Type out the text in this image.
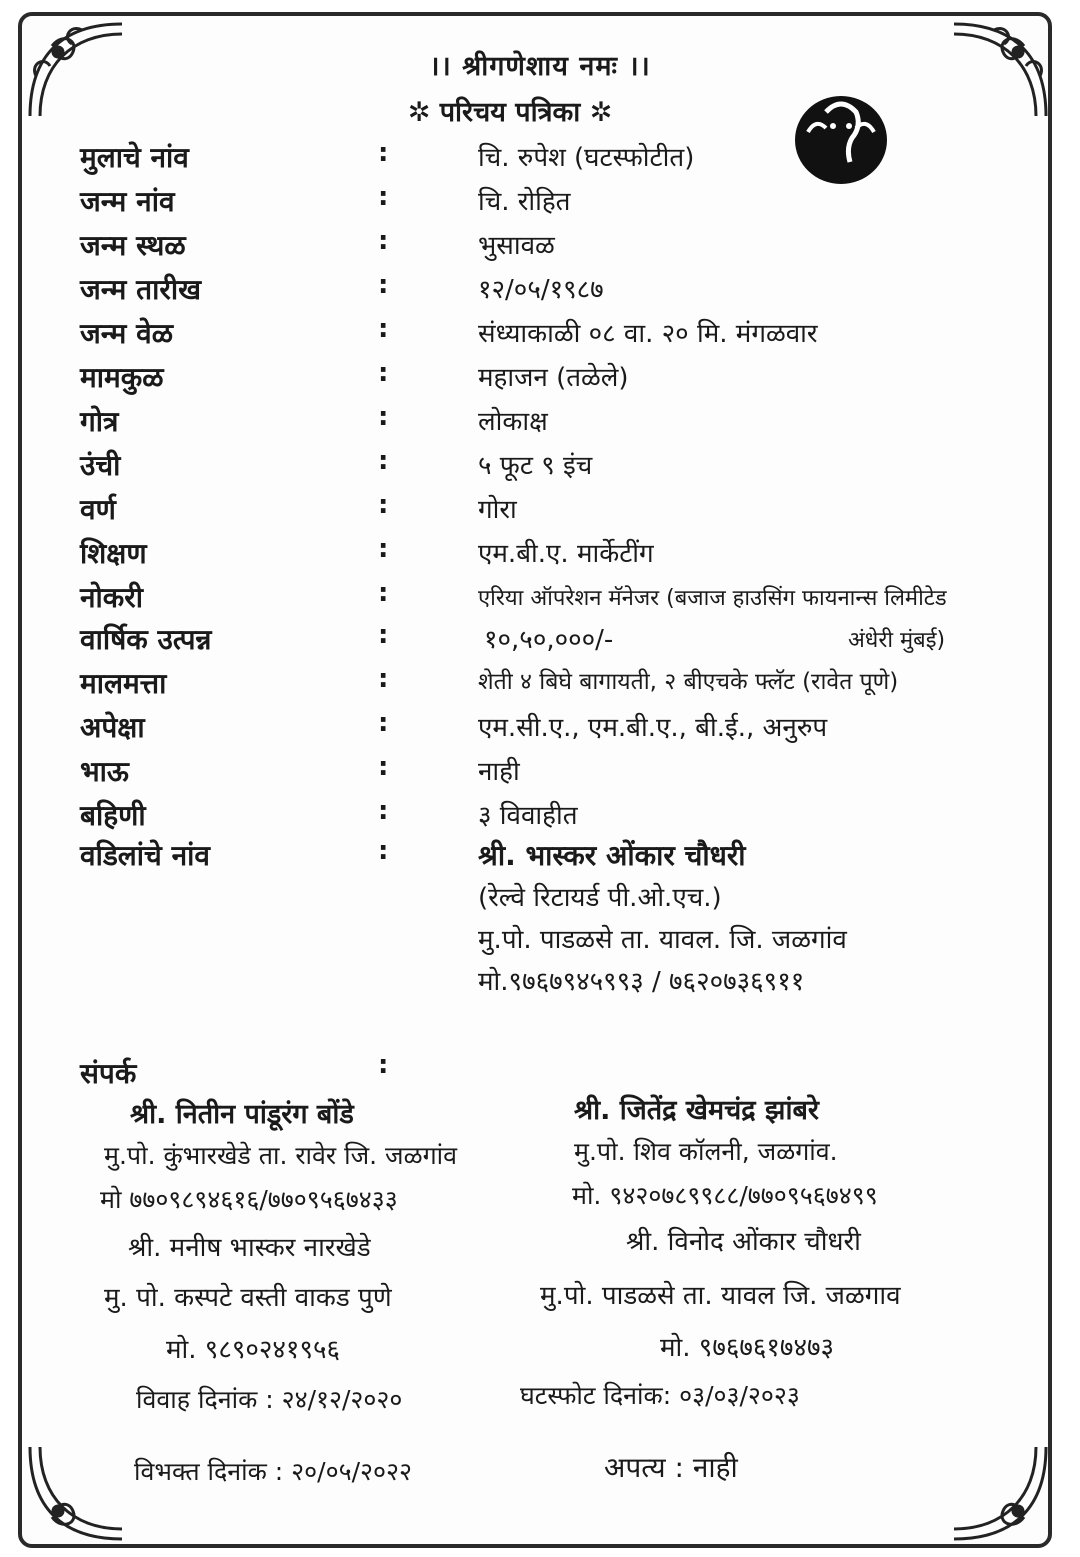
।। श्रीगणेशाय नमः ।।
✲ परिचय पत्रिका ✲
मुलाचे नांव	:	चि. रुपेश (घटस्फोटीत)
जन्म नांव	:	चि. रोहित
जन्म स्थळ	:	भुसावळ
जन्म तारीख	:	१२/०५/१९८७
जन्म वेळ	:	संध्याकाळी ०८ वा. २० मि. मंगळवार
मामकुळ	:	महाजन (तळेले)
गोत्र	:	लोकाक्ष
उंची	:	५ फूट ९ इंच
वर्ण	:	गोरा
शिक्षण	:	एम.बी.ए. मार्केटींग
नोकरी	:	एरिया ऑपरेशन मॅनेजर (बजाज हाउसिंग फायनान्स लिमीटेड
वार्षिक उत्पन्न	:	१०,५०,०००/-	अंधेरी मुंबई)
मालमत्ता	:	शेती ४ बिघे बागायती, २ बीएचके फ्लॅट (रावेत पूणे)
अपेक्षा	:	एम.सी.ए., एम.बी.ए., बी.ई., अनुरुप
भाऊ	:	नाही
बहिणी	:	३ विवाहीत
वडिलांचे नांव	:	श्री. भास्कर ओंकार चौधरी
(रेल्वे रिटायर्ड पी.ओ.एच.)
मु.पो. पाडळसे ता. यावल. जि. जळगांव
मो.९७६७९४५९९३ / ७६२०७३६९११
संपर्क	:
श्री. नितीन पांडूरंग बोंडे
मु.पो. कुंभारखेडे ता. रावेर जि. जळगांव
मो ७७०९८९४६१६/७७०९५६७४३३
श्री. मनीष भास्कर नारखेडे
मु. पो. कस्पटे वस्ती वाकड पुणे
मो. ९८९०२४१९५६
श्री. जितेंद्र खेमचंद्र झांबरे
मु.पो. शिव कॉलनी, जळगांव.
मो. ९४२०७८९९८८/७७०९५६७४९९
श्री. विनोद ओंकार चौधरी
मु.पो. पाडळसे ता. यावल जि. जळगाव
मो. ९७६७६१७४७३
विवाह दिनांक : २४/१२/२०२०	घटस्फोट दिनांक: ०३/०३/२०२३
विभक्त दिनांक : २०/०५/२०२२	अपत्य : नाही
